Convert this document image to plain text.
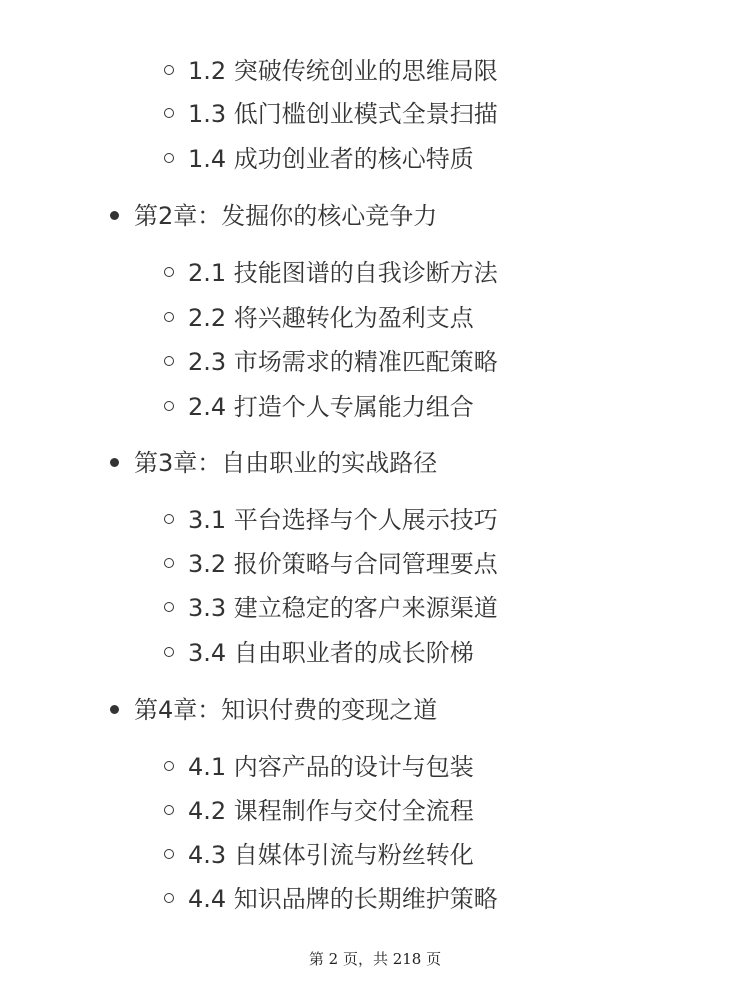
1.2 突破传统创业的思维局限
1.3 低门槛创业模式全景扫描
1.4 成功创业者的核心特质
第2章：发掘你的核心竞争力
2.1 技能图谱的自我诊断方法
2.2 将兴趣转化为盈利支点
2.3 市场需求的精准匹配策略
2.4 打造个人专属能力组合
第3章：自由职业的实战路径
3.1 平台选择与个人展示技巧
3.2 报价策略与合同管理要点
3.3 建立稳定的客户来源渠道
3.4 自由职业者的成长阶梯
第4章：知识付费的变现之道
4.1 内容产品的设计与包装
4.2 课程制作与交付全流程
4.3 自媒体引流与粉丝转化
4.4 知识品牌的长期维护策略
第 2 页，共 218 页
